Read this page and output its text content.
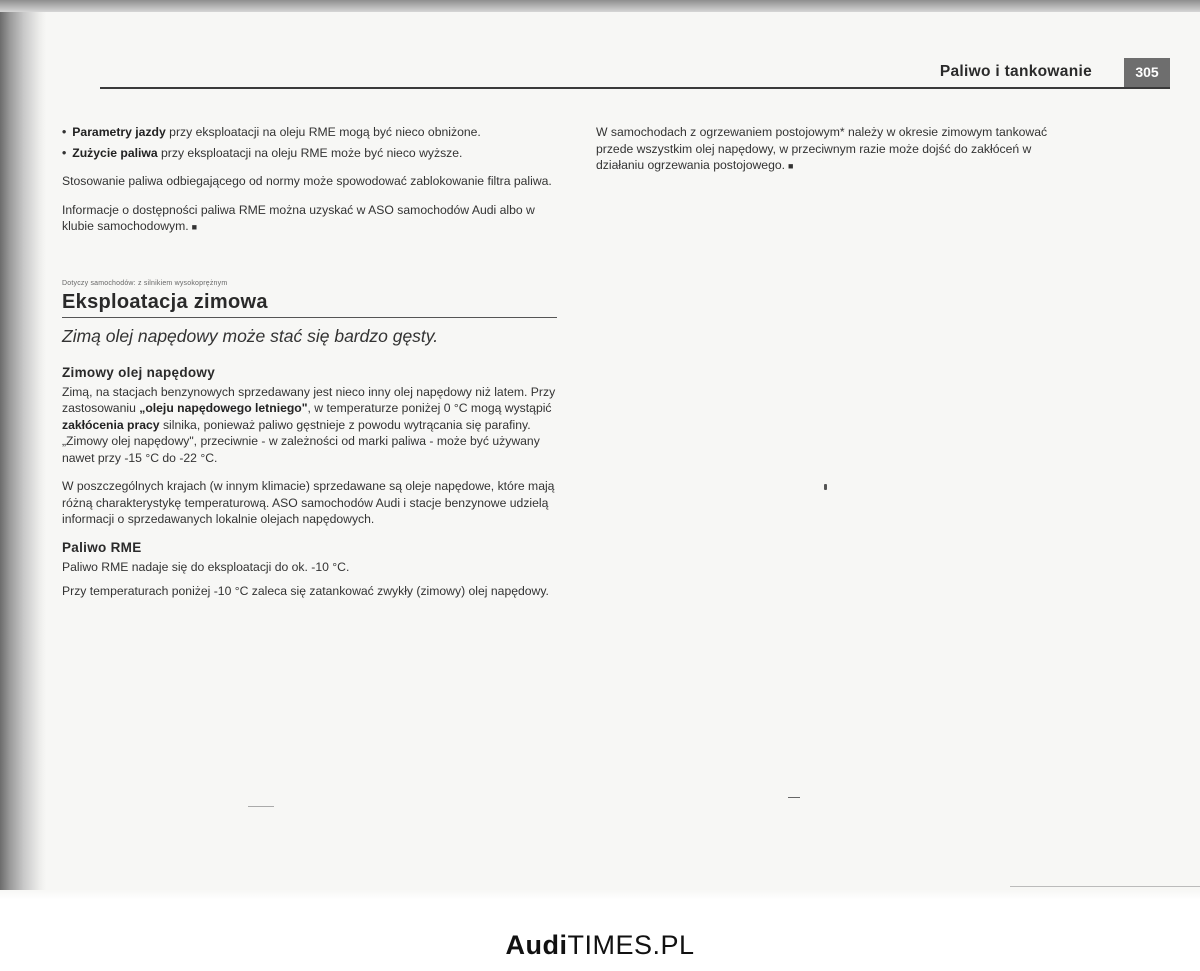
Paliwo i tankowanie	305
• Parametry jazdy przy eksploatacji na oleju RME mogą być nieco obniżone.
• Zużycie paliwa przy eksploatacji na oleju RME może być nieco wyższe.

Stosowanie paliwa odbiegającego od normy może spowodować zablokowanie filtra paliwa.

Informacje o dostępności paliwa RME można uzyskać w ASO samochodów Audi albo w klubie samochodowym. ■

Dotyczy samochodów: z silnikiem wysokoprężnym
Eksploatacja zimowa
Zimą olej napędowy może stać się bardzo gęsty.
Zimowy olej napędowy

Zimą, na stacjach benzynowych sprzedawany jest nieco inny olej napędowy niż latem. Przy zastosowaniu „oleju napędowego letniego", w temperaturze poniżej 0 °C mogą wystąpić zakłócenia pracy silnika, ponieważ paliwo gęstnieje z powodu wytrącania się parafiny. „Zimowy olej napędowy", przeciwnie - w zależności od marki paliwa - może być używany nawet przy -15 °C do -22 °C.

W poszczególnych krajach (w innym klimacie) sprzedawane są oleje napędowe, które mają różną charakterystykę temperaturową. ASO samochodów Audi i stacje benzynowe udzielą informacji o sprzedawanych lokalnie olejach napędowych.

Paliwo RME

Paliwo RME nadaje się do eksploatacji do ok. -10 °C.

Przy temperaturach poniżej -10 °C zaleca się zatankować zwykły (zimowy) olej napędowy.

W samochodach z ogrzewaniem postojowym* należy w okresie zimowym tankować przede wszystkim olej napędowy, w przeciwnym razie może dojść do zakłóceń w działaniu ogrzewania postojowego. ■

AudiTIMES.PL
